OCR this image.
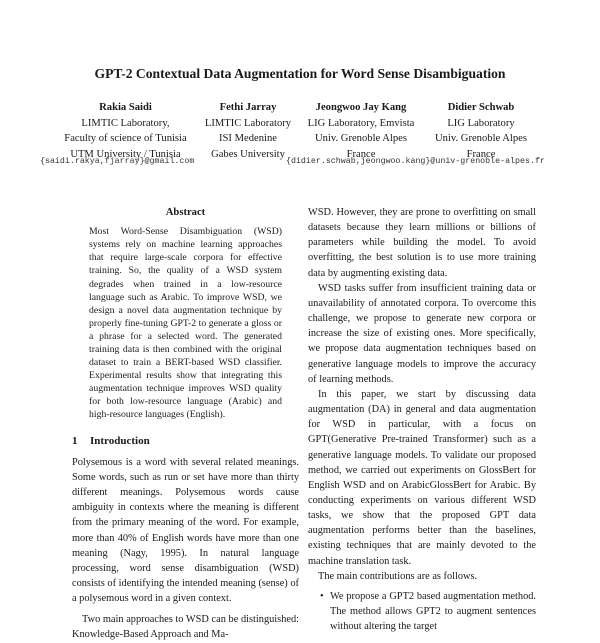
GPT-2 Contextual Data Augmentation for Word Sense Disambiguation
Rakia Saidi
LIMTIC Laboratory,
Faculty of science of Tunisia
UTM University / Tunisia
Fethi Jarray
LIMTIC Laboratory
ISI Medenine
Gabes University
Jeongwoo Jay Kang
LIG Laboratory, Emvista
Univ. Grenoble Alpes
France
Didier Schwab
LIG Laboratory
Univ. Grenoble Alpes
France
{saidi.rakya,fjarray}@gmail.com	{didier.schwab,jeongwoo.kang}@univ-grenoble-alpes.fr
Abstract

Most Word-Sense Disambiguation (WSD) systems rely on machine learning approaches that require large-scale corpora for effective training. So, the quality of a WSD system degrades when trained in a low-resource language such as Arabic. To improve WSD, we design a novel data augmentation technique by properly fine-tuning GPT-2 to generate a gloss or a phrase for a selected word. The generated training data is then combined with the original dataset to train a BERT-based WSD classifier. Experimental results show that integrating this augmentation technique improves WSD quality for both low-resource language (Arabic) and high-resource languages (English).

1 Introduction

Polysemous is a word with several related meanings. Some words, such as run or set have more than thirty different meanings. Polysemous words cause ambiguity in contexts where the meaning is different from the primary meaning of the word. For example, more than 40% of English words have more than one meaning (Nagy, 1995). In natural language processing, word sense disambiguation (WSD) consists of identifying the intended meaning (sense) of a polysemous word in a given context.

Two main approaches to WSD can be distinguished: Knowledge-Based Approach and Ma-

WSD. However, they are prone to overfitting on small datasets because they learn millions or billions of parameters while building the model. To avoid overfitting, the best solution is to use more training data by augmenting existing data.

WSD tasks suffer from insufficient training data or unavailability of annotated corpora. To overcome this challenge, we propose to generate new corpora or increase the size of existing ones. More specifically, we propose data augmentation techniques based on generative language models to improve the accuracy of learning methods.

In this paper, we start by discussing data augmentation (DA) in general and data augmentation for WSD in particular, with a focus on GPT(Generative Pre-trained Transformer) such as a generative language models. To validate our proposed method, we carried out experiments on GlossBert for English WSD and on ArabicGlossBert for Arabic. By conducting experiments on various different WSD tasks, we show that the proposed GPT data augmentation performs better than the baselines, existing techniques that are mainly devoted to the machine translation task.

The main contributions are as follows.

• We propose a GPT2 based augmentation method. The method allows GPT2 to augment sentences without altering the target
